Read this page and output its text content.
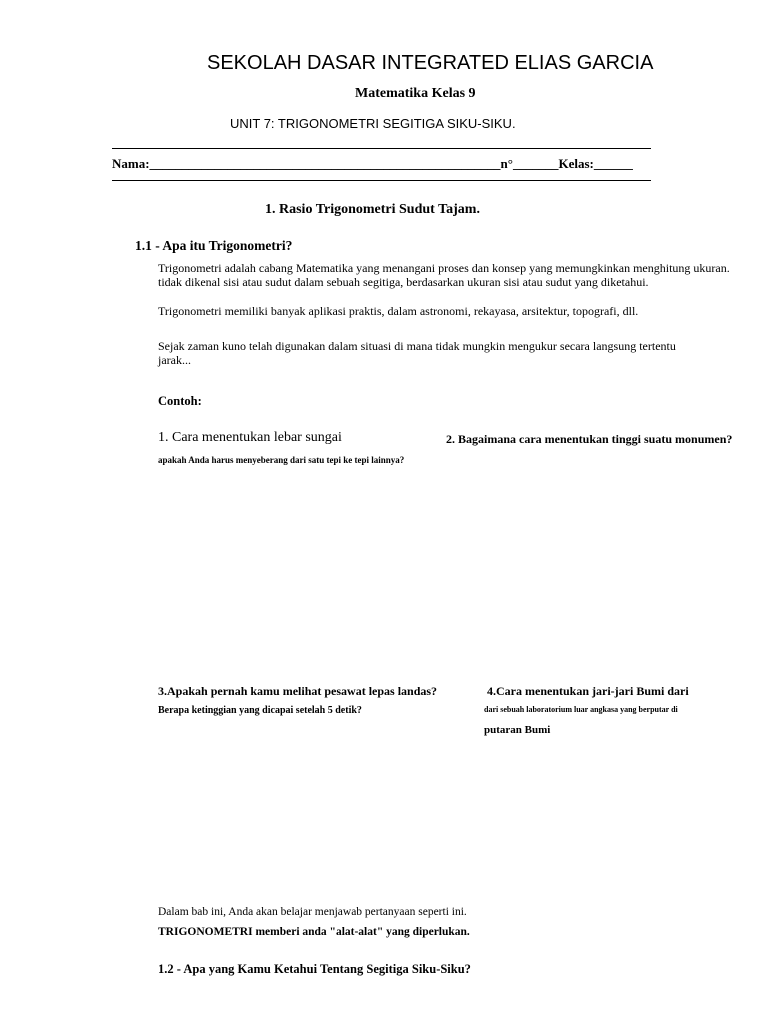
SEKOLAH DASAR INTEGRATED ELIAS GARCIA
Matematika Kelas 9
UNIT 7: TRIGONOMETRI SEGITIGA SIKU-SIKU.
Nama:______________________________________________________n°_______Kelas:______
1. Rasio Trigonometri Sudut Tajam.
1.1 - Apa itu Trigonometri?
Trigonometri adalah cabang Matematika yang menangani proses dan konsep yang memungkinkan menghitung ukuran.
tidak dikenal sisi atau sudut dalam sebuah segitiga, berdasarkan ukuran sisi atau sudut yang diketahui.
Trigonometri memiliki banyak aplikasi praktis, dalam astronomi, rekayasa, arsitektur, topografi, dll.
Sejak zaman kuno telah digunakan dalam situasi di mana tidak mungkin mengukur secara langsung tertentu
jarak...
Contoh:
1. Cara menentukan lebar sungai
apakah Anda harus menyeberang dari satu tepi ke tepi lainnya?
2. Bagaimana cara menentukan tinggi suatu monumen?
3.Apakah pernah kamu melihat pesawat lepas landas?
Berapa ketinggian yang dicapai setelah 5 detik?
4.Cara menentukan jari-jari Bumi dari
dari sebuah laboratorium luar angkasa yang berputar di
putaran Bumi
Dalam bab ini, Anda akan belajar menjawab pertanyaan seperti ini.
TRIGONOMETRI memberi anda "alat-alat" yang diperlukan.
1.2 - Apa yang Kamu Ketahui Tentang Segitiga Siku-Siku?
